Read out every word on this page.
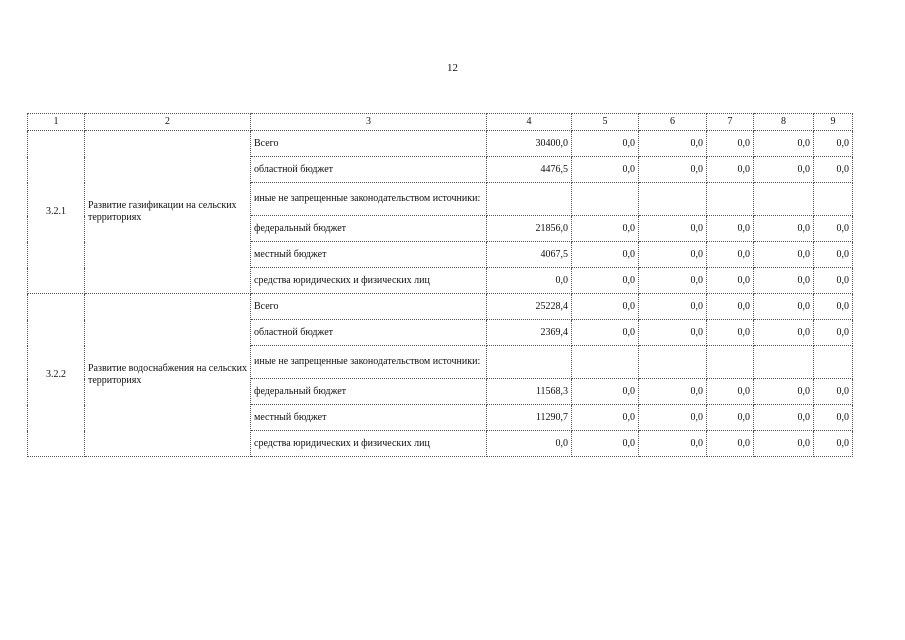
12
1	2	3	4	5	6	7	8	9
3.2.1	Развитие газификации на сельских территориях	Всего	30400,0	0,0	0,0	0,0	0,0	0,0
		областной бюджет	4476,5	0,0	0,0	0,0	0,0	0,0
		иные не запрещенные законодательством источники:						
		федеральный бюджет	21856,0	0,0	0,0	0,0	0,0	0,0
		местный бюджет	4067,5	0,0	0,0	0,0	0,0	0,0
		средства юридических и физических лиц	0,0	0,0	0,0	0,0	0,0	0,0
3.2.2	Развитие водоснабжения на сельских территориях	Всего	25228,4	0,0	0,0	0,0	0,0	0,0
		областной бюджет	2369,4	0,0	0,0	0,0	0,0	0,0
		иные не запрещенные законодательством источники:						
		федеральный бюджет	11568,3	0,0	0,0	0,0	0,0	0,0
		местный бюджет	11290,7	0,0	0,0	0,0	0,0	0,0
		средства юридических и физических лиц	0,0	0,0	0,0	0,0	0,0	0,0
